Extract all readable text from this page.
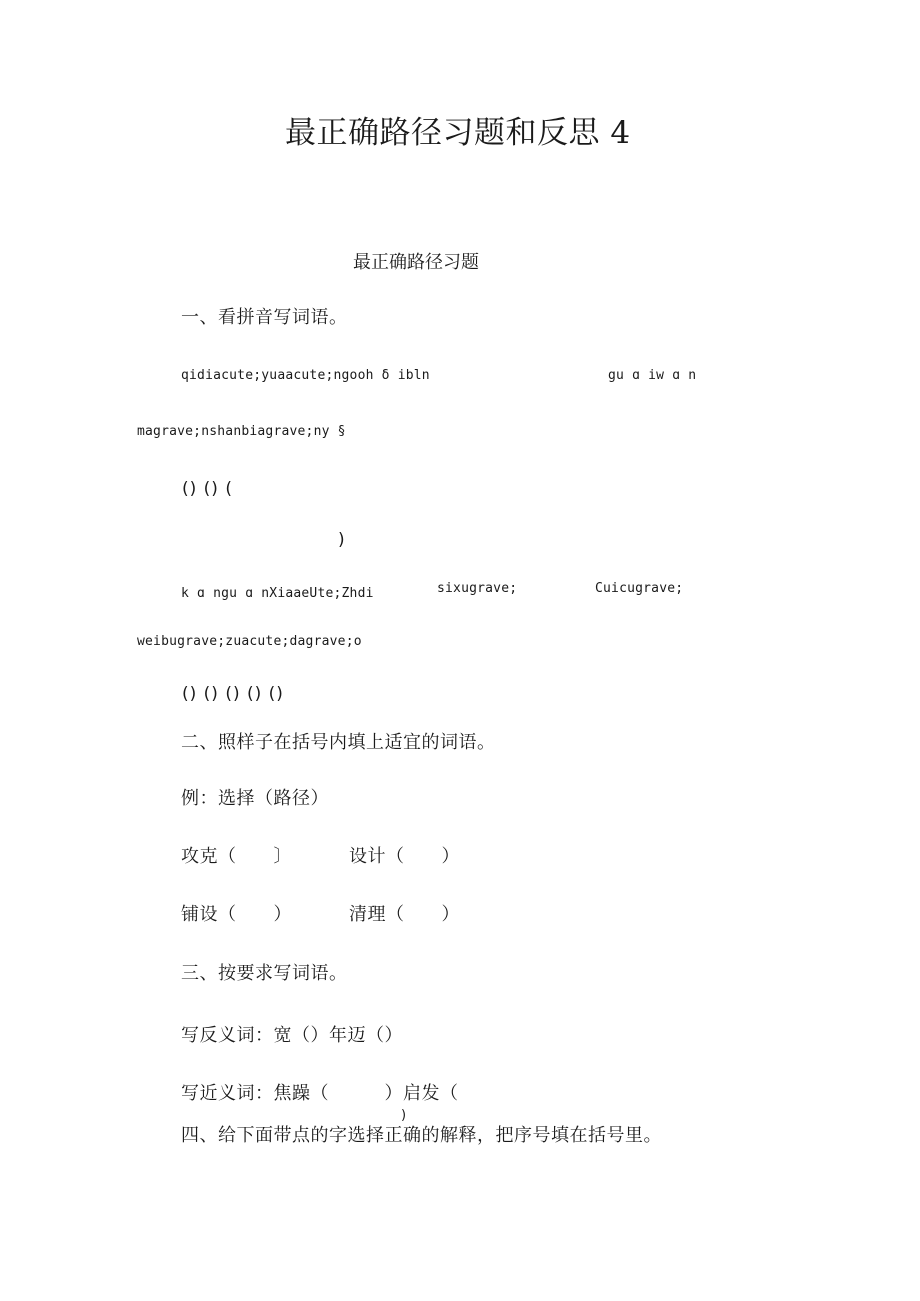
最正确路径习题和反思 4
最正确路径习题
一、看拼音写词语。
qidiacute;yuaacute;ngooh δ ibln	gu ɑ iw ɑ n
magrave;nshanbiagrave;ny §
() () (
)
k ɑ ngu ɑ nXiaaeUte;Zhdi	sixugrave;	Cuicugrave;
weibugrave;zuacute;dagrave;o
() () () () ()
二、照样子在括号内填上适宜的词语。
例：选择（路径）
攻克（　　〕	设计（　　）
铺设（　　）	清理（　　）
三、按要求写词语。
写反义词：宽（）年迈（）
写近义词：焦躁（　　　）启发（
)
四、给下面带点的字选择正确的解释，把序号填在括号里。
